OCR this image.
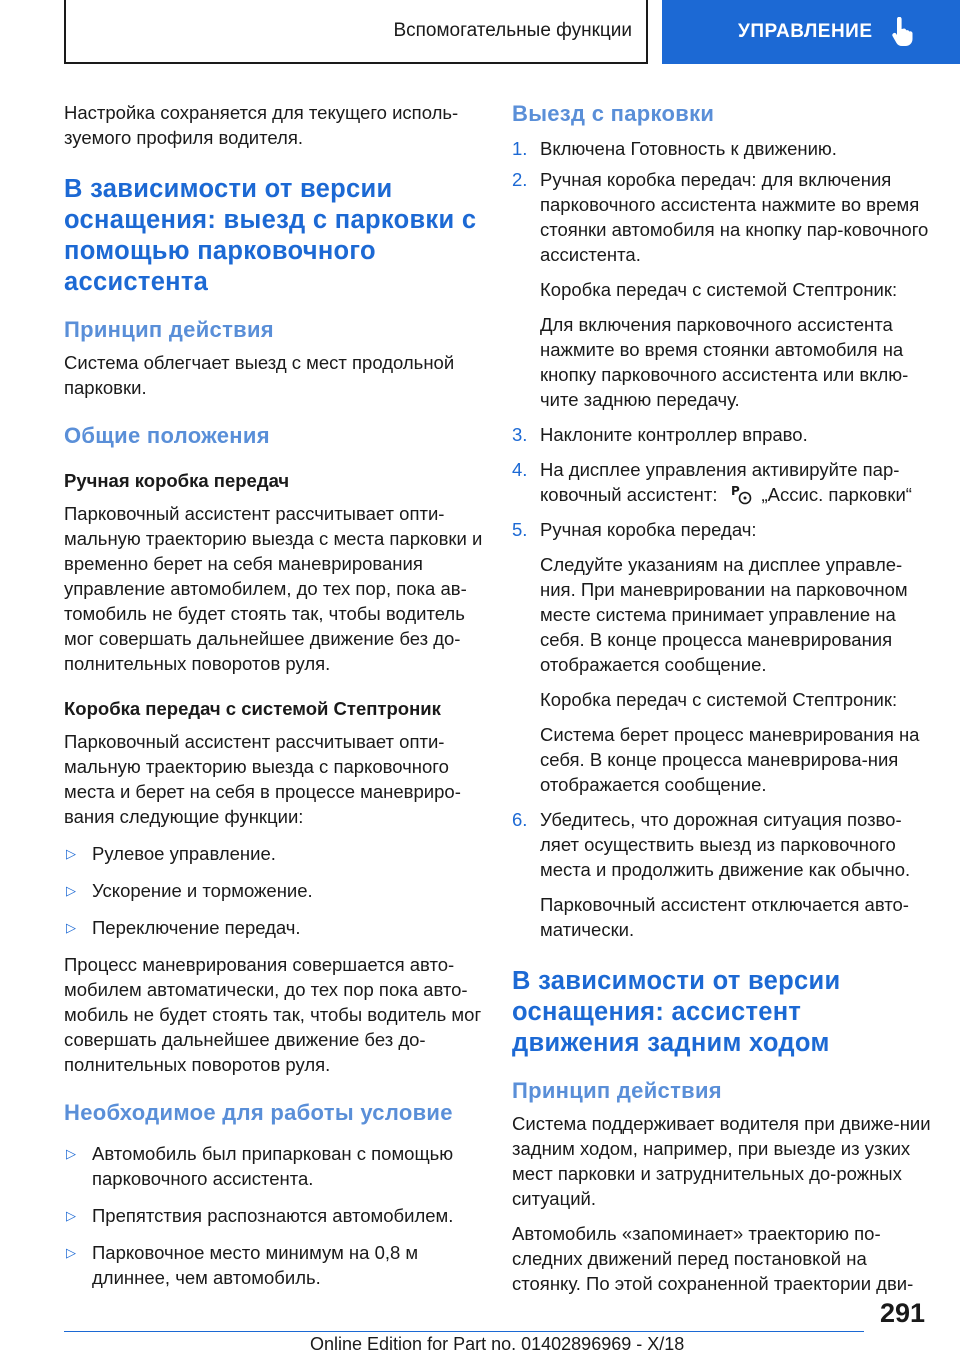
Вспомогательные функции	УПРАВЛЕНИЕ

Настройка сохраняется для текущего исполь-зуемого профиля водителя.

В зависимости от версии оснащения: выезд с парковки с помощью парковочного ассистента
Принцип действия

Система облегчает выезд с мест продольной парковки.

Общие положения
Ручная коробка передач

Парковочный ассистент рассчитывает опти-мальную траекторию выезда с места парковки и временно берет на себя маневрирования управление автомобилем, до тех пор, пока ав-томобиль не будет стоять так, чтобы водитель мог совершать дальнейшее движение без до-полнительных поворотов руля.

Коробка передач с системой Стептроник

Парковочный ассистент рассчитывает опти-мальную траекторию выезда с парковочного места и берет на себя в процессе маневриро-вания следующие функции:

▷ Рулевое управление.
▷ Ускорение и торможение.
▷ Переключение передач.

Процесс маневрирования совершается авто-мобилем автоматически, до тех пор пока авто-мобиль не будет стоять так, чтобы водитель мог совершать дальнейшее движение без до-полнительных поворотов руля.

Необходимое для работы условие
▷ Автомобиль был припаркован с помощью парковочного ассистента.
▷ Препятствия распознаются автомобилем.
▷ Парковочное место минимум на 0,8 м длиннее, чем автомобиль.
Выезд с парковки
1. Включена Готовность к движению.
2. Ручная коробка передач: для включения парковочного ассистента нажмите во время стоянки автомобиля на кнопку пар-ковочного ассистента.

Коробка передач с системой Стептроник:

Для включения парковочного ассистента нажмите во время стоянки автомобиля на кнопку парковочного ассистента или вклю-чите заднюю передачу.

3. Наклоните контроллер вправо.
4. На дисплее управления активируйте пар-ковочный ассистент: P „Ассис. парковки“
5. Ручная коробка передач:

Следуйте указаниям на дисплее управле-ния. При маневрировании на парковочном месте система принимает управление на себя. В конце процесса маневрирования отображается сообщение.

Коробка передач с системой Стептроник:

Система берет процесс маневрирования на себя. В конце процесса маневрирова-ния отображается сообщение.

6. Убедитесь, что дорожная ситуация позво-ляет осуществить выезд из парковочного места и продолжить движение как обычно.

Парковочный ассистент отключается авто-матически.

В зависимости от версии оснащения: ассистент движения задним ходом
Принцип действия

Система поддерживает водителя при движе-нии задним ходом, например, при выезде из узких мест парковки и затруднительных до-рожных ситуаций.

Автомобиль «запоминает» траекторию по-следних движений перед постановкой на стоянку. По этой сохраненной траектории дви-

291
Online Edition for Part no. 01402896969 - X/18
